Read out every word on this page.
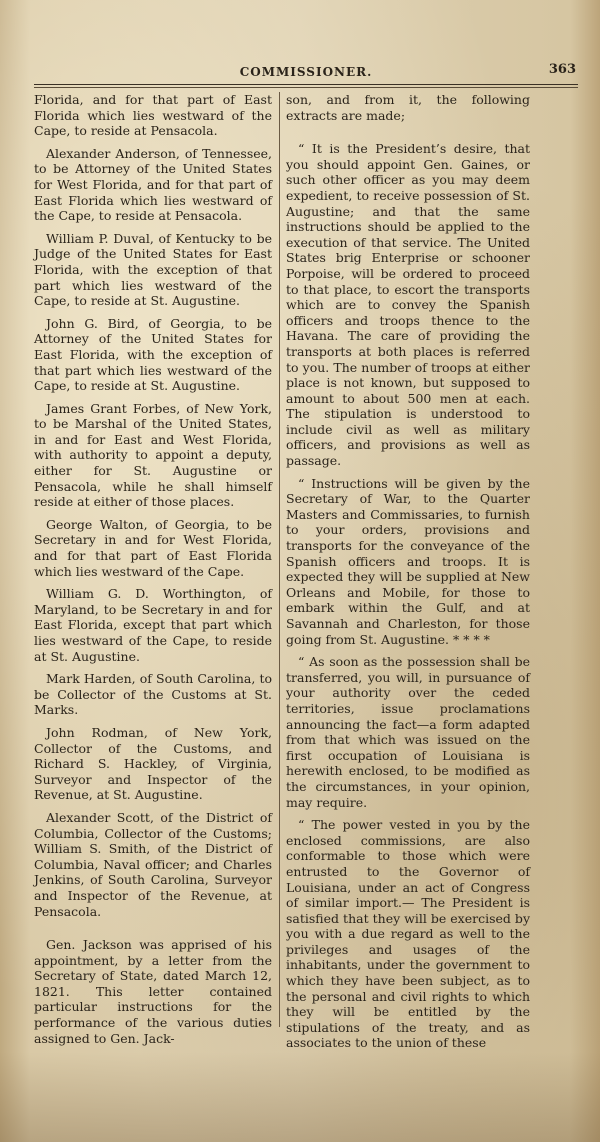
COMMISSIONER.	363

Florida, and for that part of East Florida which lies westward of the Cape, to reside at Pensacola.

Alexander Anderson, of Tennessee, to be Attorney of the United States for West Florida, and for that part of East Florida which lies westward of the Cape, to reside at Pensacola.

William P. Duval, of Kentucky to be Judge of the United States for East Florida, with the exception of that part which lies westward of the Cape, to reside at St. Augustine.

John G. Bird, of Georgia, to be Attorney of the United States for East Florida, with the exception of that part which lies westward of the Cape, to reside at St. Augustine.

James Grant Forbes, of New York, to be Marshal of the United States, in and for East and West Florida, with authority to appoint a deputy, either for St. Augustine or Pensacola, while he shall himself reside at either of those places.

George Walton, of Georgia, to be Secretary in and for West Florida, and for that part of East Florida which lies westward of the Cape.

William G. D. Worthington, of Maryland, to be Secretary in and for East Florida, except that part which lies westward of the Cape, to reside at St. Augustine.

Mark Harden, of South Carolina, to be Collector of the Customs at St. Marks.

John Rodman, of New York, Collector of the Customs, and Richard S. Hackley, of Virginia, Surveyor and Inspector of the Revenue, at St. Augustine.

Alexander Scott, of the District of Columbia, Collector of the Customs; William S. Smith, of the District of Columbia, Naval officer; and Charles Jenkins, of South Carolina, Surveyor and Inspector of the Revenue, at Pensacola.

Gen. Jackson was apprised of his appointment, by a letter from the Secretary of State, dated March 12, 1821. This letter contained particular instructions for the performance of the various duties assigned to Gen. Jack-

son, and from it, the following extracts are made;

“ It is the President’s desire, that you should appoint Gen. Gaines, or such other officer as you may deem expedient, to receive possession of St. Augustine; and that the same instructions should be applied to the execution of that service. The United States brig Enterprise or schooner Porpoise, will be ordered to proceed to that place, to escort the transports which are to convey the Spanish officers and troops thence to the Havana. The care of providing the transports at both places is referred to you. The number of troops at either place is not known, but supposed to amount to about 500 men at each. The stipulation is understood to include civil as well as military officers, and provisions as well as passage.

“ Instructions will be given by the Secretary of War, to the Quarter Masters and Commissaries, to furnish to your orders, provisions and transports for the conveyance of the Spanish officers and troops. It is expected they will be supplied at New Orleans and Mobile, for those to embark within the Gulf, and at Savannah and Charleston, for those going from St. Augustine. * * * *

“ As soon as the possession shall be transferred, you will, in pursuance of your authority over the ceded territories, issue proclamations announcing the fact—a form adapted from that which was issued on the first occupation of Louisiana is herewith enclosed, to be modified as the circumstances, in your opinion, may require.

“ The power vested in you by the enclosed commissions, are also conformable to those which were entrusted to the Governor of Louisiana, under an act of Congress of similar import.— The President is satisfied that they will be exercised by you with a due regard as well to the privileges and usages of the inhabitants, under the government to which they have been subject, as to the personal and civil rights to which they will be entitled by the stipulations of the treaty, and as associates to the union of these
